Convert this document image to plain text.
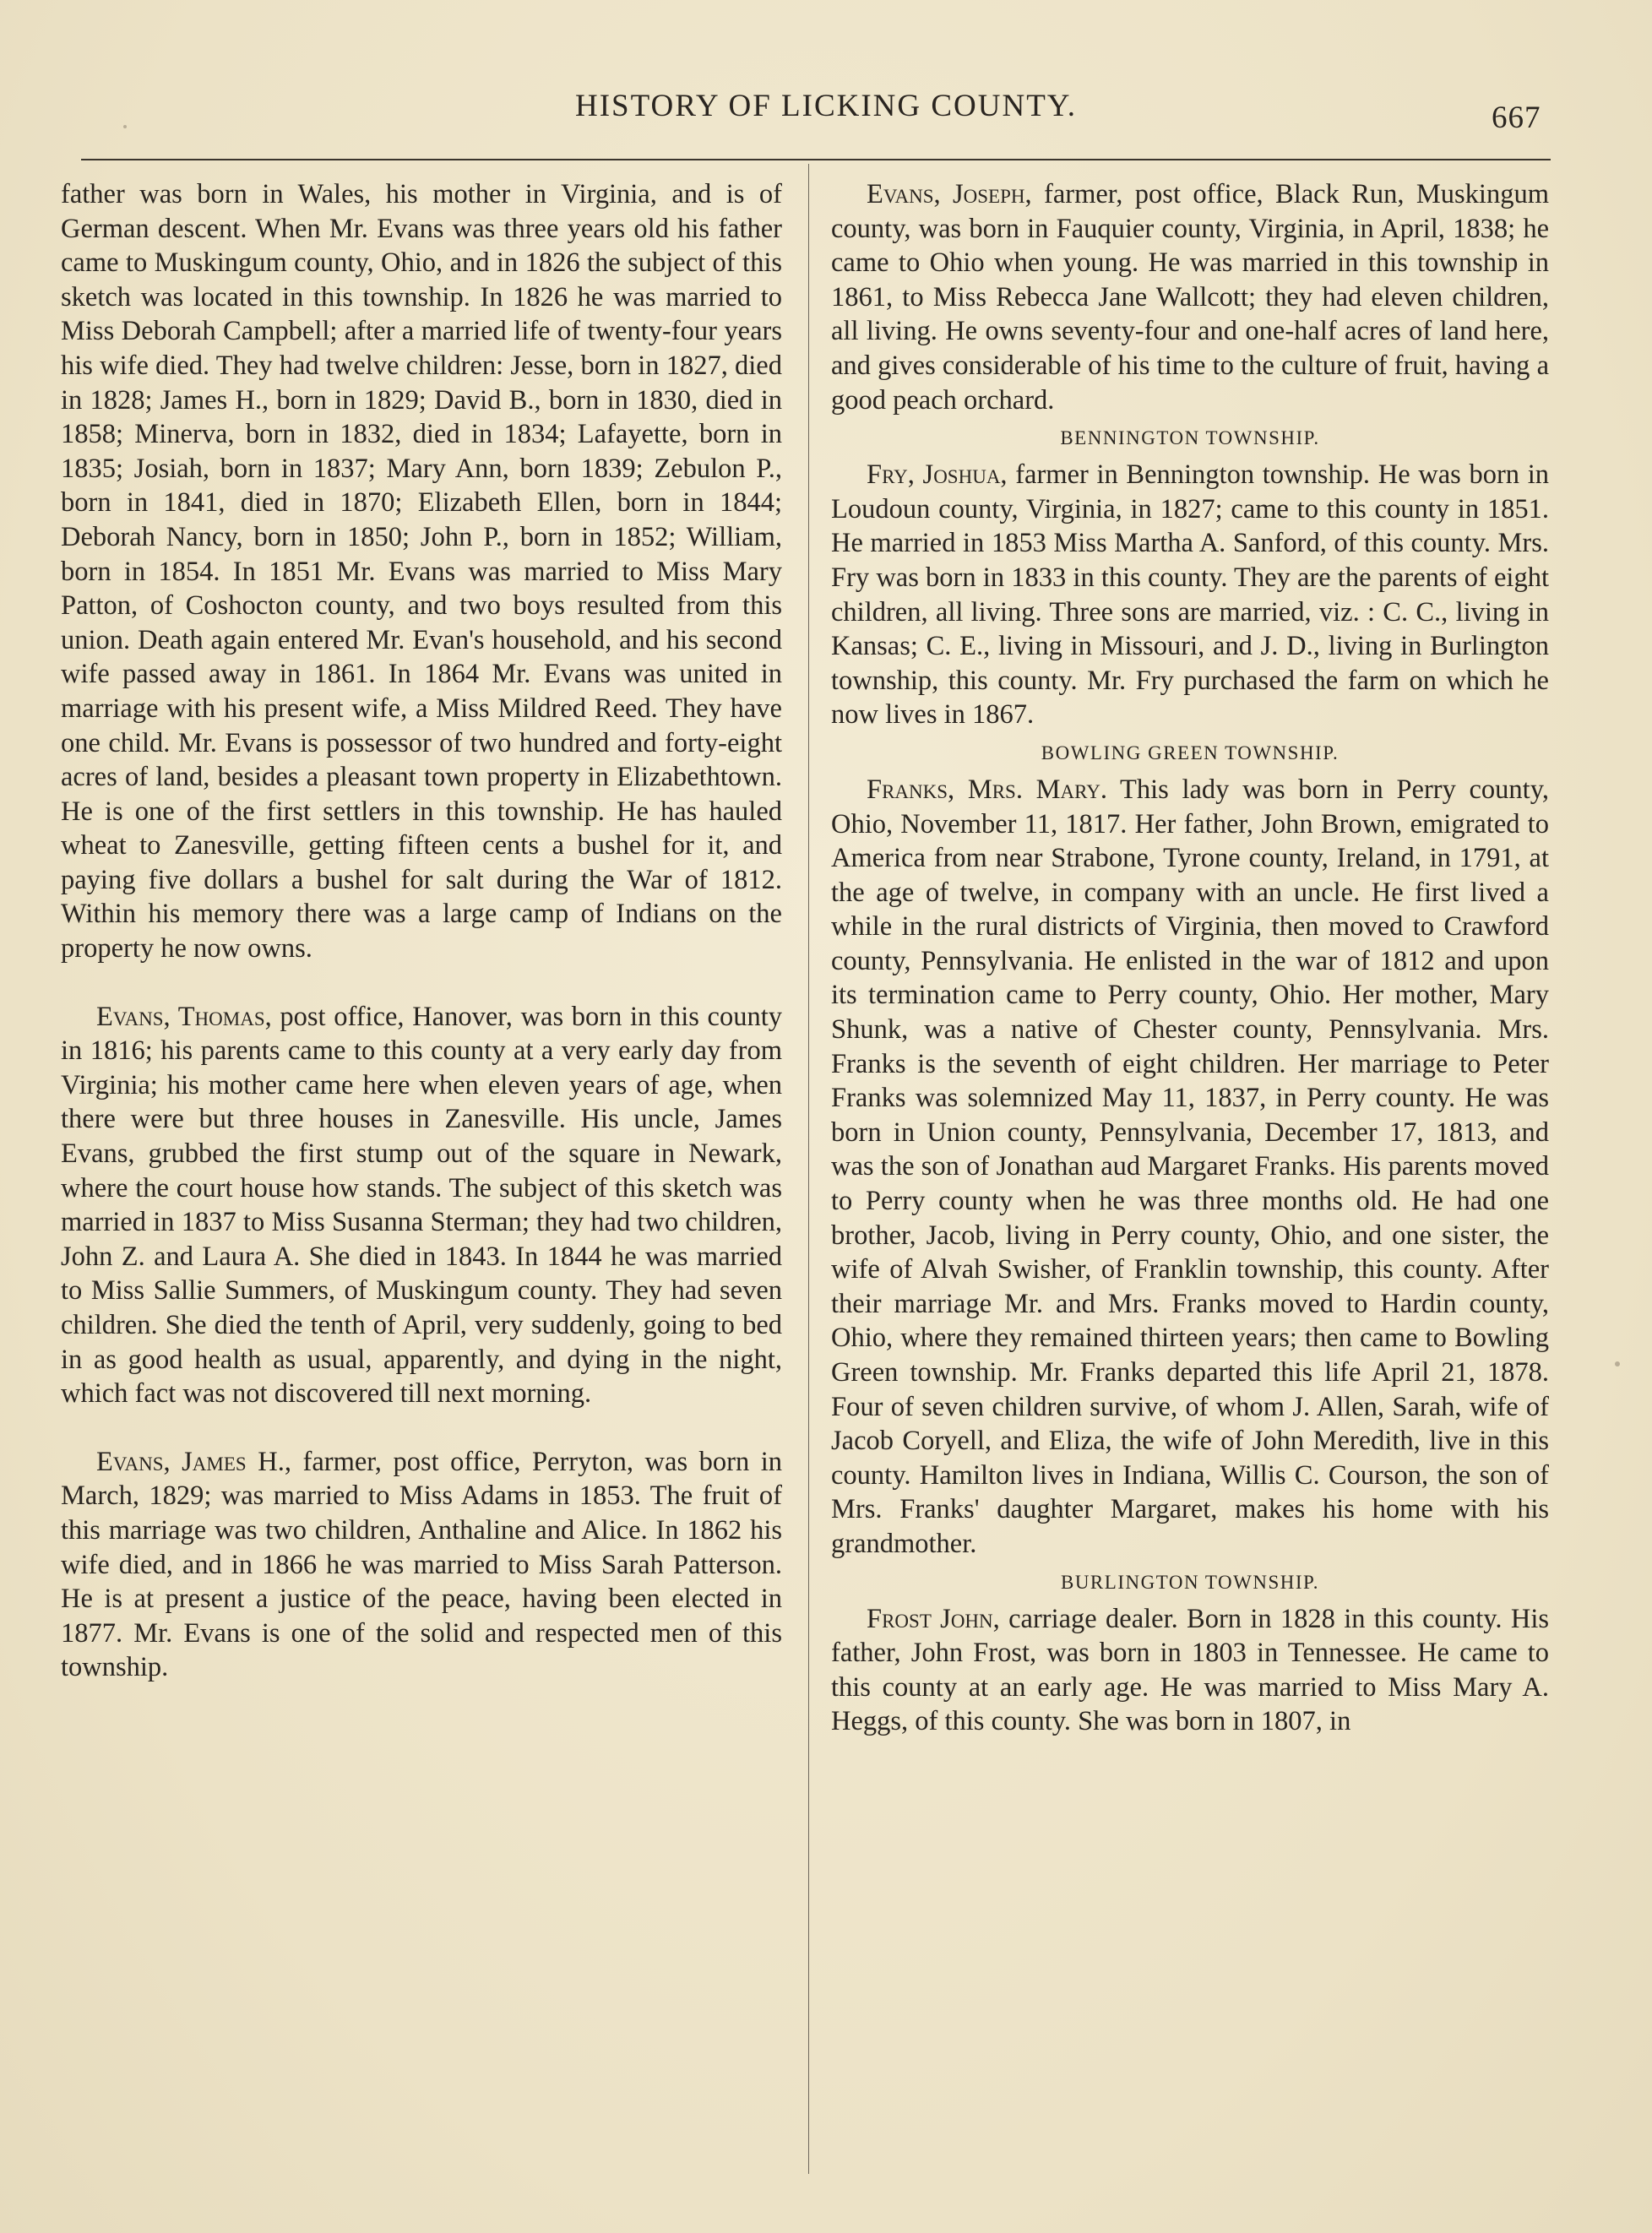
HISTORY OF LICKING COUNTY.	667

father was born in Wales, his mother in Virginia, and is of German descent. When Mr. Evans was three years old his father came to Muskingum county, Ohio, and in 1826 the subject of this sketch was located in this township. In 1826 he was married to Miss Deborah Campbell; after a married life of twenty-four years his wife died. They had twelve children: Jesse, born in 1827, died in 1828; James H., born in 1829; David B., born in 1830, died in 1858; Minerva, born in 1832, died in 1834; Lafayette, born in 1835; Josiah, born in 1837; Mary Ann, born 1839; Zebulon P., born in 1841, died in 1870; Elizabeth Ellen, born in 1844; Deborah Nancy, born in 1850; John P., born in 1852; William, born in 1854. In 1851 Mr. Evans was married to Miss Mary Patton, of Coshocton county, and two boys resulted from this union. Death again entered Mr. Evan's household, and his second wife passed away in 1861. In 1864 Mr. Evans was united in marriage with his present wife, a Miss Mildred Reed. They have one child. Mr. Evans is possessor of two hundred and forty-eight acres of land, besides a pleasant town property in Elizabethtown. He is one of the first settlers in this township. He has hauled wheat to Zanesville, getting fifteen cents a bushel for it, and paying five dollars a bushel for salt during the War of 1812. Within his memory there was a large camp of Indians on the property he now owns.

Evans, Thomas, post office, Hanover, was born in this county in 1816; his parents came to this county at a very early day from Virginia; his mother came here when eleven years of age, when there were but three houses in Zanesville. His uncle, James Evans, grubbed the first stump out of the square in Newark, where the court house how stands. The subject of this sketch was married in 1837 to Miss Susanna Sterman; they had two children, John Z. and Laura A. She died in 1843. In 1844 he was married to Miss Sallie Summers, of Muskingum county. They had seven children. She died the tenth of April, very suddenly, going to bed in as good health as usual, apparently, and dying in the night, which fact was not discovered till next morning.

Evans, James H., farmer, post office, Perryton, was born in March, 1829; was married to Miss Adams in 1853. The fruit of this marriage was two children, Anthaline and Alice. In 1862 his wife died, and in 1866 he was married to Miss Sarah Patterson. He is at present a justice of the peace, having been elected in 1877. Mr. Evans is one of the solid and respected men of this township.

Evans, Joseph, farmer, post office, Black Run, Muskingum county, was born in Fauquier county, Virginia, in April, 1838; he came to Ohio when young. He was married in this township in 1861, to Miss Rebecca Jane Wallcott; they had eleven children, all living. He owns seventy-four and one-half acres of land here, and gives considerable of his time to the culture of fruit, having a good peach orchard.

BENNINGTON TOWNSHIP.

Fry, Joshua, farmer in Bennington township. He was born in Loudoun county, Virginia, in 1827; came to this county in 1851. He married in 1853 Miss Martha A. Sanford, of this county. Mrs. Fry was born in 1833 in this county. They are the parents of eight children, all living. Three sons are married, viz. : C. C., living in Kansas; C. E., living in Missouri, and J. D., living in Burlington township, this county. Mr. Fry purchased the farm on which he now lives in 1867.

BOWLING GREEN TOWNSHIP.

Franks, Mrs. Mary. This lady was born in Perry county, Ohio, November 11, 1817. Her father, John Brown, emigrated to America from near Strabone, Tyrone county, Ireland, in 1791, at the age of twelve, in company with an uncle. He first lived a while in the rural districts of Virginia, then moved to Crawford county, Pennsylvania. He enlisted in the war of 1812 and upon its termination came to Perry county, Ohio. Her mother, Mary Shunk, was a native of Chester county, Pennsylvania. Mrs. Franks is the seventh of eight children. Her marriage to Peter Franks was solemnized May 11, 1837, in Perry county. He was born in Union county, Pennsylvania, December 17, 1813, and was the son of Jonathan aud Margaret Franks. His parents moved to Perry county when he was three months old. He had one brother, Jacob, living in Perry county, Ohio, and one sister, the wife of Alvah Swisher, of Franklin township, this county. After their marriage Mr. and Mrs. Franks moved to Hardin county, Ohio, where they remained thirteen years; then came to Bowling Green township. Mr. Franks departed this life April 21, 1878. Four of seven children survive, of whom J. Allen, Sarah, wife of Jacob Coryell, and Eliza, the wife of John Meredith, live in this county. Hamilton lives in Indiana, Willis C. Courson, the son of Mrs. Franks' daughter Margaret, makes his home with his grandmother.

BURLINGTON TOWNSHIP.

Frost John, carriage dealer. Born in 1828 in this county. His father, John Frost, was born in 1803 in Tennessee. He came to this county at an early age. He was married to Miss Mary A. Heggs, of this county. She was born in 1807, in
